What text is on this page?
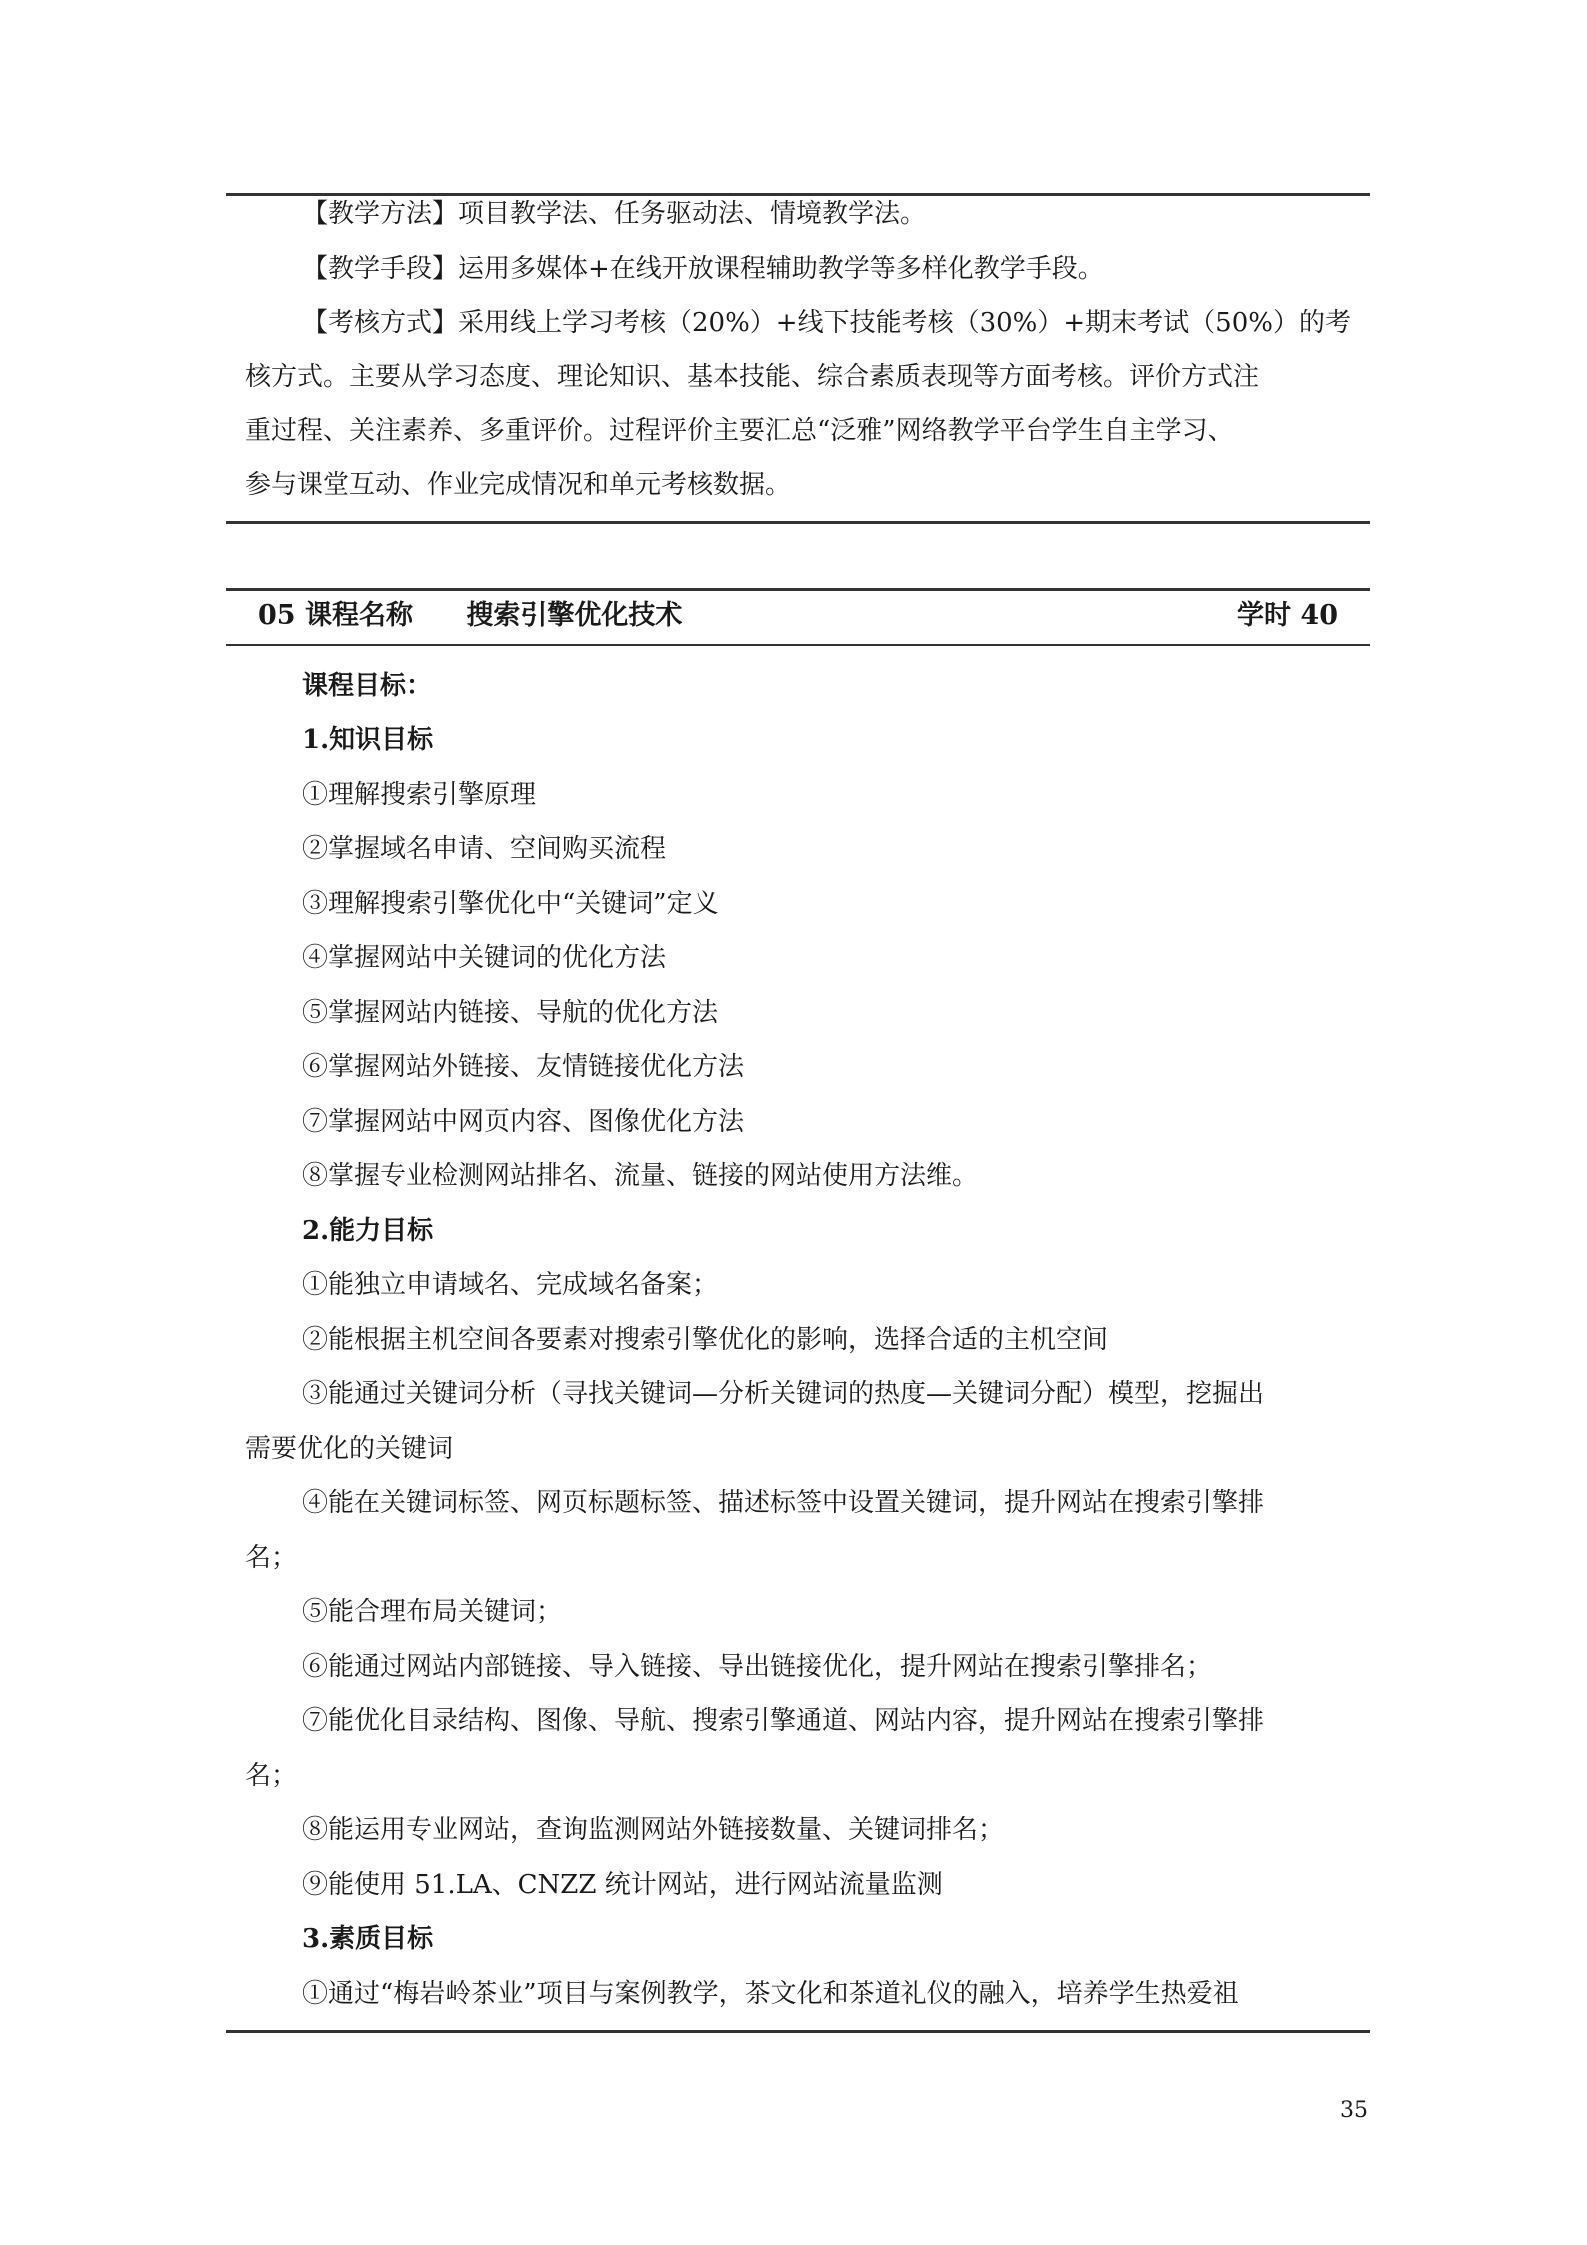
【教学方法】项目教学法、任务驱动法、情境教学法。
【教学手段】运用多媒体+在线开放课程辅助教学等多样化教学手段。
【考核方式】采用线上学习考核（20%）+线下技能考核（30%）+期末考试（50%）的考
核方式。主要从学习态度、理论知识、基本技能、综合素质表现等方面考核。评价方式注
重过程、关注素养、多重评价。过程评价主要汇总“泛雅”网络教学平台学生自主学习、
参与课堂互动、作业完成情况和单元考核数据。
05 课程名称 搜索引擎优化技术	学时 40
课程目标：
1.知识目标
①理解搜索引擎原理
②掌握域名申请、空间购买流程
③理解搜索引擎优化中“关键词”定义
④掌握网站中关键词的优化方法
⑤掌握网站内链接、导航的优化方法
⑥掌握网站外链接、友情链接优化方法
⑦掌握网站中网页内容、图像优化方法
⑧掌握专业检测网站排名、流量、链接的网站使用方法维。
2.能力目标
①能独立申请域名、完成域名备案；
②能根据主机空间各要素对搜索引擎优化的影响，选择合适的主机空间
③能通过关键词分析（寻找关键词—分析关键词的热度—关键词分配）模型，挖掘出
需要优化的关键词
④能在关键词标签、网页标题标签、描述标签中设置关键词，提升网站在搜索引擎排
名；
⑤能合理布局关键词；
⑥能通过网站内部链接、导入链接、导出链接优化，提升网站在搜索引擎排名；
⑦能优化目录结构、图像、导航、搜索引擎通道、网站内容，提升网站在搜索引擎排
名；
⑧能运用专业网站，查询监测网站外链接数量、关键词排名；
⑨能使用 51.LA、CNZZ 统计网站，进行网站流量监测
3.素质目标
①通过“梅岩岭茶业”项目与案例教学，茶文化和茶道礼仪的融入，培养学生热爱祖
35
